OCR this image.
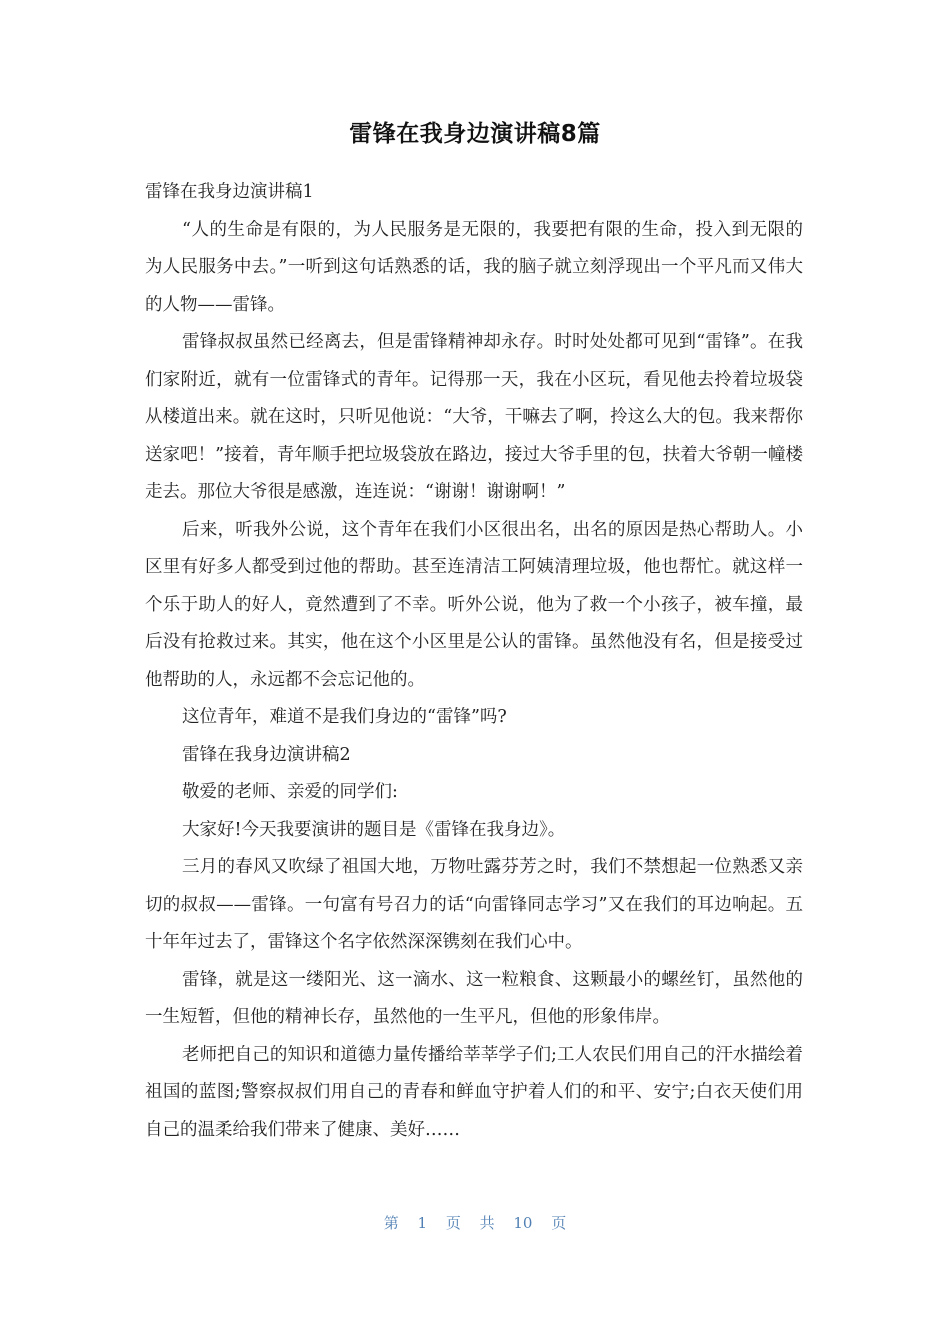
雷锋在我身边演讲稿8篇

雷锋在我身边演讲稿1

“人的生命是有限的，为人民服务是无限的，我要把有限的生命，投入到无限的为人民服务中去。”一听到这句话熟悉的话，我的脑子就立刻浮现出一个平凡而又伟大的人物——雷锋。

雷锋叔叔虽然已经离去，但是雷锋精神却永存。时时处处都可见到“雷锋”。在我们家附近，就有一位雷锋式的青年。记得那一天，我在小区玩，看见他去拎着垃圾袋从楼道出来。就在这时，只听见他说：“大爷，干嘛去了啊，拎这么大的包。我来帮你送家吧！”接着，青年顺手把垃圾袋放在路边，接过大爷手里的包，扶着大爷朝一幢楼走去。那位大爷很是感激，连连说：“谢谢！谢谢啊！”

后来，听我外公说，这个青年在我们小区很出名，出名的原因是热心帮助人。小区里有好多人都受到过他的帮助。甚至连清洁工阿姨清理垃圾，他也帮忙。就这样一个乐于助人的好人，竟然遭到了不幸。听外公说，他为了救一个小孩子，被车撞，最后没有抢救过来。其实，他在这个小区里是公认的雷锋。虽然他没有名，但是接受过他帮助的人，永远都不会忘记他的。

这位青年，难道不是我们身边的“雷锋”吗?

雷锋在我身边演讲稿2

敬爱的老师、亲爱的同学们:

大家好!今天我要演讲的题目是《雷锋在我身边》。

三月的春风又吹绿了祖国大地，万物吐露芬芳之时，我们不禁想起一位熟悉又亲切的叔叔——雷锋。一句富有号召力的话“向雷锋同志学习”又在我们的耳边响起。五十年年过去了，雷锋这个名字依然深深镌刻在我们心中。

雷锋，就是这一缕阳光、这一滴水、这一粒粮食、这颗最小的螺丝钉，虽然他的一生短暂，但他的精神长存，虽然他的一生平凡，但他的形象伟岸。

老师把自己的知识和道德力量传播给莘莘学子们;工人农民们用自己的汗水描绘着祖国的蓝图;警察叔叔们用自己的青春和鲜血守护着人们的和平、安宁;白衣天使们用自己的温柔给我们带来了健康、美好……

第 1 页 共 10 页
